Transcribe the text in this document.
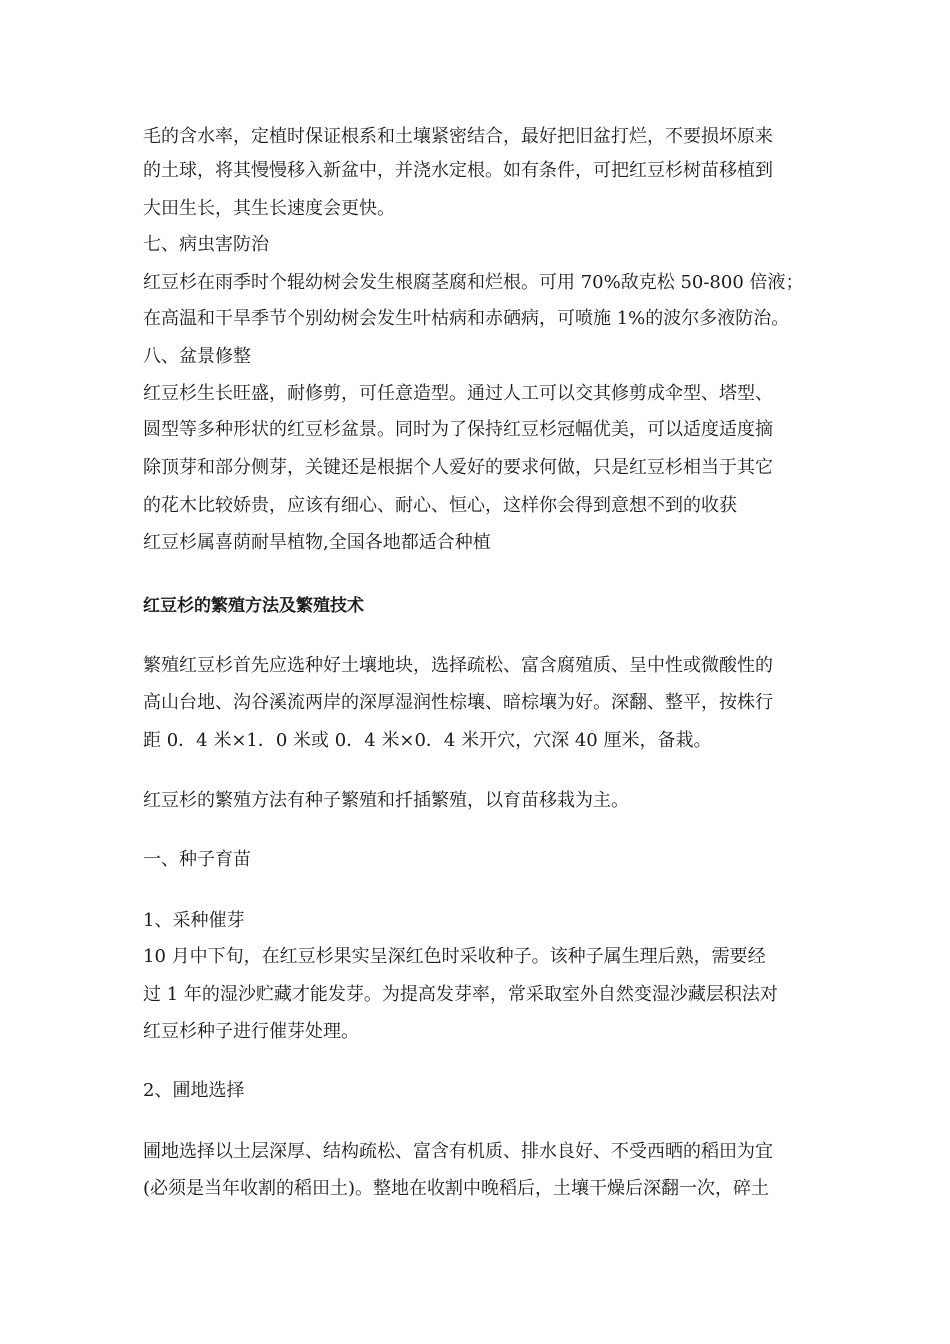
毛的含水率，定植时保证根系和土壤紧密结合，最好把旧盆打烂，不要损坏原来
的土球，将其慢慢移入新盆中，并浇水定根。如有条件，可把红豆杉树苗移植到
大田生长，其生长速度会更快。
七、病虫害防治
红豆杉在雨季时个辊幼树会发生根腐茎腐和烂根。可用 70%敌克松 50-800 倍液；
在高温和干旱季节个别幼树会发生叶枯病和赤硒病，可喷施 1%的波尔多液防治。
八、盆景修整
红豆杉生长旺盛，耐修剪，可任意造型。通过人工可以交其修剪成伞型、塔型、
圆型等多种形状的红豆杉盆景。同时为了保持红豆杉冠幅优美，可以适度适度摘
除顶芽和部分侧芽，关键还是根据个人爱好的要求何做，只是红豆杉相当于其它
的花木比较娇贵，应该有细心、耐心、恒心，这样你会得到意想不到的收获
红豆杉属喜荫耐旱植物,全国各地都适合种植
红豆杉的繁殖方法及繁殖技术
繁殖红豆杉首先应选种好土壤地块，选择疏松、富含腐殖质、呈中性或微酸性的
高山台地、沟谷溪流两岸的深厚湿润性棕壤、暗棕壤为好。深翻、整平，按株行
距 0．4 米×1．0 米或 0．4 米×0．4 米开穴，穴深 40 厘米，备栽。
红豆杉的繁殖方法有种子繁殖和扦插繁殖，以育苗移栽为主。
一、种子育苗
1、采种催芽
10 月中下旬，在红豆杉果实呈深红色时采收种子。该种子属生理后熟，需要经
过 1 年的湿沙贮藏才能发芽。为提高发芽率，常采取室外自然变湿沙藏层积法对
红豆杉种子进行催芽处理。
2、圃地选择
圃地选择以土层深厚、结构疏松、富含有机质、排水良好、不受西晒的稻田为宜
(必须是当年收割的稻田土)。整地在收割中晚稻后，土壤干燥后深翻一次，碎土
